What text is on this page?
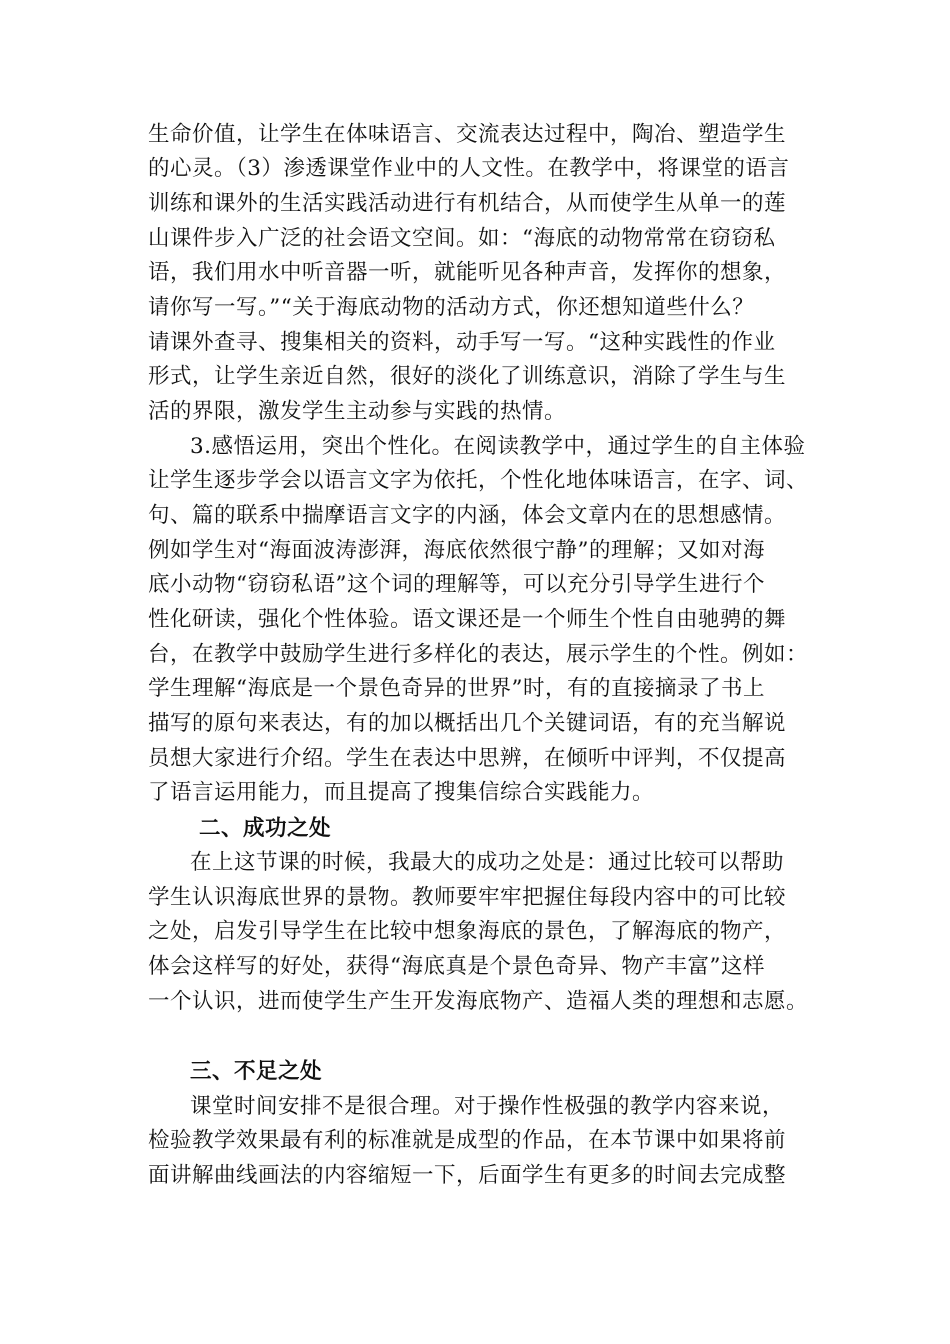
生命价值，让学生在体味语言、交流表达过程中，陶冶、塑造学生
的心灵。（3）渗透课堂作业中的人文性。在教学中，将课堂的语言
训练和课外的生活实践活动进行有机结合，从而使学生从单一的莲
山课件步入广泛的社会语文空间。如：“海底的动物常常在窃窃私
语，我们用水中听音器一听，就能听见各种声音，发挥你的想象，
请你写一写。”“关于海底动物的活动方式，你还想知道些什么？
请课外查寻、搜集相关的资料，动手写一写。“这种实践性的作业
形式，让学生亲近自然，很好的淡化了训练意识，消除了学生与生
活的界限，激发学生主动参与实践的热情。
3.感悟运用，突出个性化。在阅读教学中，通过学生的自主体验
让学生逐步学会以语言文字为依托，个性化地体味语言，在字、词、
句、篇的联系中揣摩语言文字的内涵，体会文章内在的思想感情。
例如学生对“海面波涛澎湃，海底依然很宁静”的理解；又如对海
底小动物“窃窃私语”这个词的理解等，可以充分引导学生进行个
性化研读，强化个性体验。语文课还是一个师生个性自由驰骋的舞
台，在教学中鼓励学生进行多样化的表达，展示学生的个性。例如：
学生理解“海底是一个景色奇异的世界”时，有的直接摘录了书上
描写的原句来表达，有的加以概括出几个关键词语，有的充当解说
员想大家进行介绍。学生在表达中思辨，在倾听中评判，不仅提高
了语言运用能力，而且提高了搜集信综合实践能力。
二、成功之处
在上这节课的时候，我最大的成功之处是：通过比较可以帮助
学生认识海底世界的景物。教师要牢牢把握住每段内容中的可比较
之处，启发引导学生在比较中想象海底的景色，了解海底的物产，
体会这样写的好处，获得“海底真是个景色奇异、物产丰富”这样
一个认识，进而使学生产生开发海底物产、造福人类的理想和志愿。
三、不足之处
课堂时间安排不是很合理。对于操作性极强的教学内容来说，
检验教学效果最有利的标准就是成型的作品，在本节课中如果将前
面讲解曲线画法的内容缩短一下，后面学生有更多的时间去完成整
